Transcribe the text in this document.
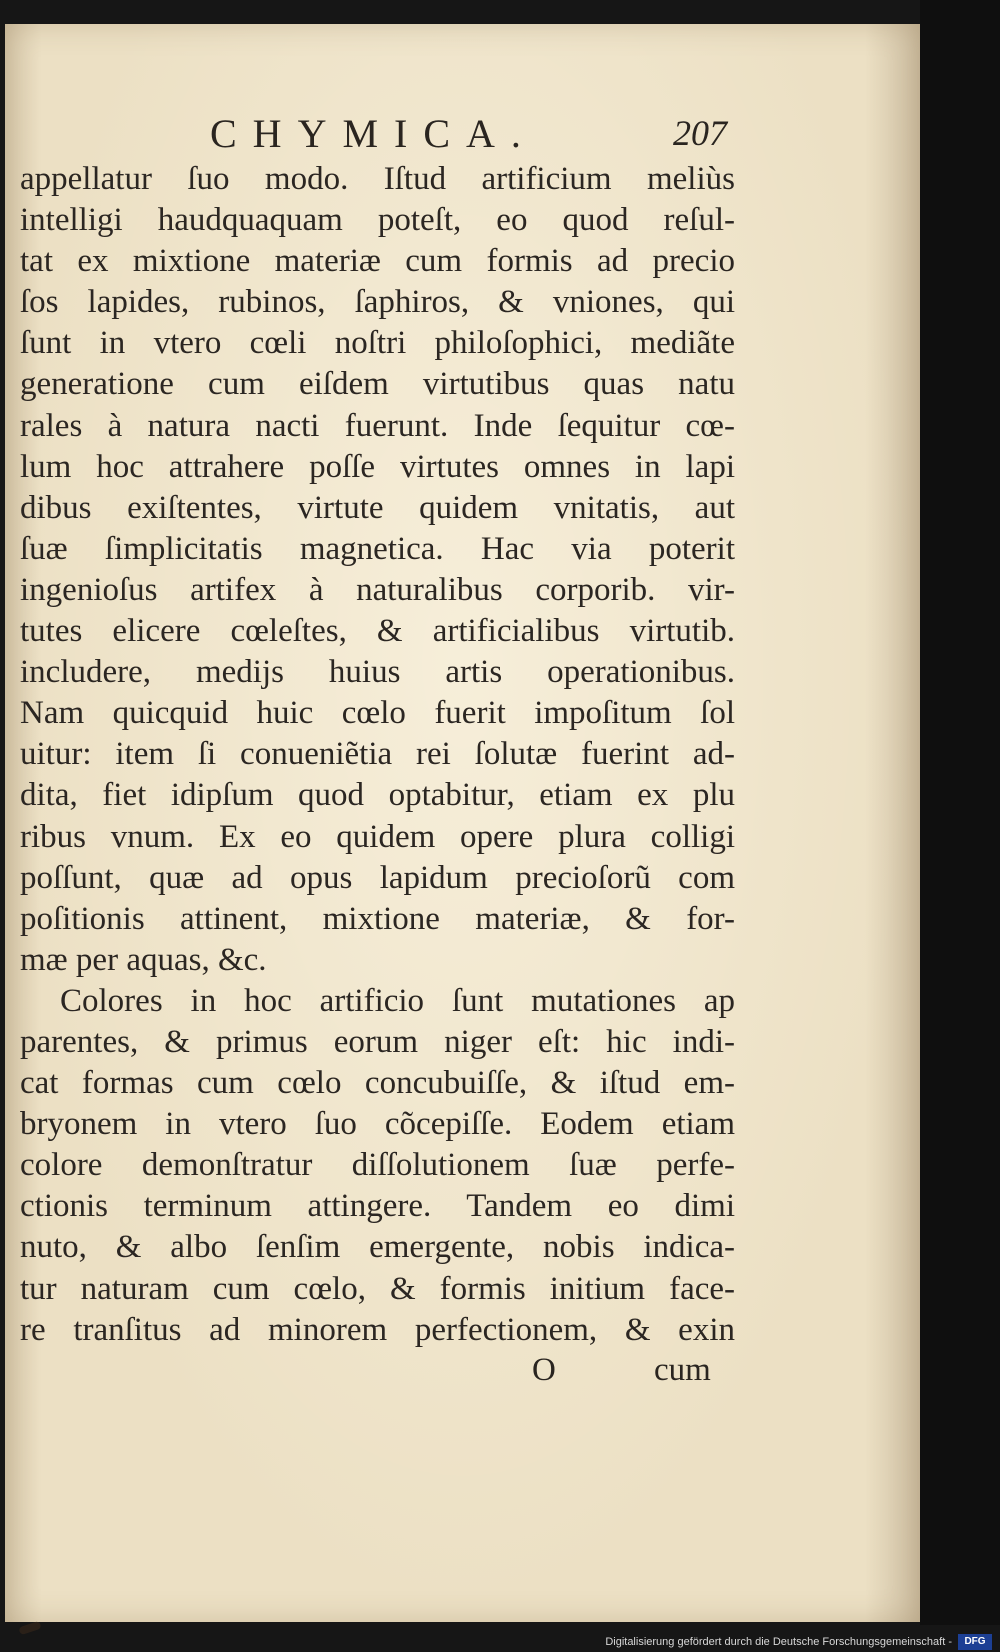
CHYMICA.	207
appellatur ſuo modo. Iſtud artificium meliùs
intelligi haudquaquam poteſt, eo quod reſul-
tat ex mixtione materiæ cum formis ad precio
ſos lapides, rubinos, ſaphiros, & vniones, qui
ſunt in vtero cœli noſtri philoſophici, mediãte
generatione cum eiſdem virtutibus quas natu
rales à natura nacti fuerunt. Inde ſequitur cœ-
lum hoc attrahere poſſe virtutes omnes in lapi
dibus exiſtentes, virtute quidem vnitatis, aut
ſuæ ſimplicitatis magnetica. Hac via poterit
ingenioſus artifex à naturalibus corporib. vir-
tutes elicere cœleſtes, & artificialibus virtutib.
includere, medijs huius artis operationibus.
Nam quicquid huic cœlo fuerit impoſitum ſol
uitur: item ſi conueniẽtia rei ſolutæ fuerint ad-
dita, fiet idipſum quod optabitur, etiam ex plu
ribus vnum. Ex eo quidem opere plura colligi
poſſunt, quæ ad opus lapidum precioſorũ com
poſitionis attinent, mixtione materiæ, & for-
mæ per aquas, &c.
Colores in hoc artificio ſunt mutationes ap
parentes, & primus eorum niger eſt: hic indi-
cat formas cum cœlo concubuiſſe, & iſtud em-
bryonem in vtero ſuo cõcepiſſe. Eodem etiam
colore demonſtratur diſſolutionem ſuæ perfe-
ctionis terminum attingere. Tandem eo dimi
nuto, & albo ſenſim emergente, nobis indica-
tur naturam cum cœlo, & formis initium face-
re tranſitus ad minorem perfectionem, & exin
O	cum
Digitalisierung gefördert durch die Deutsche Forschungsgemeinschaft -	DFG
